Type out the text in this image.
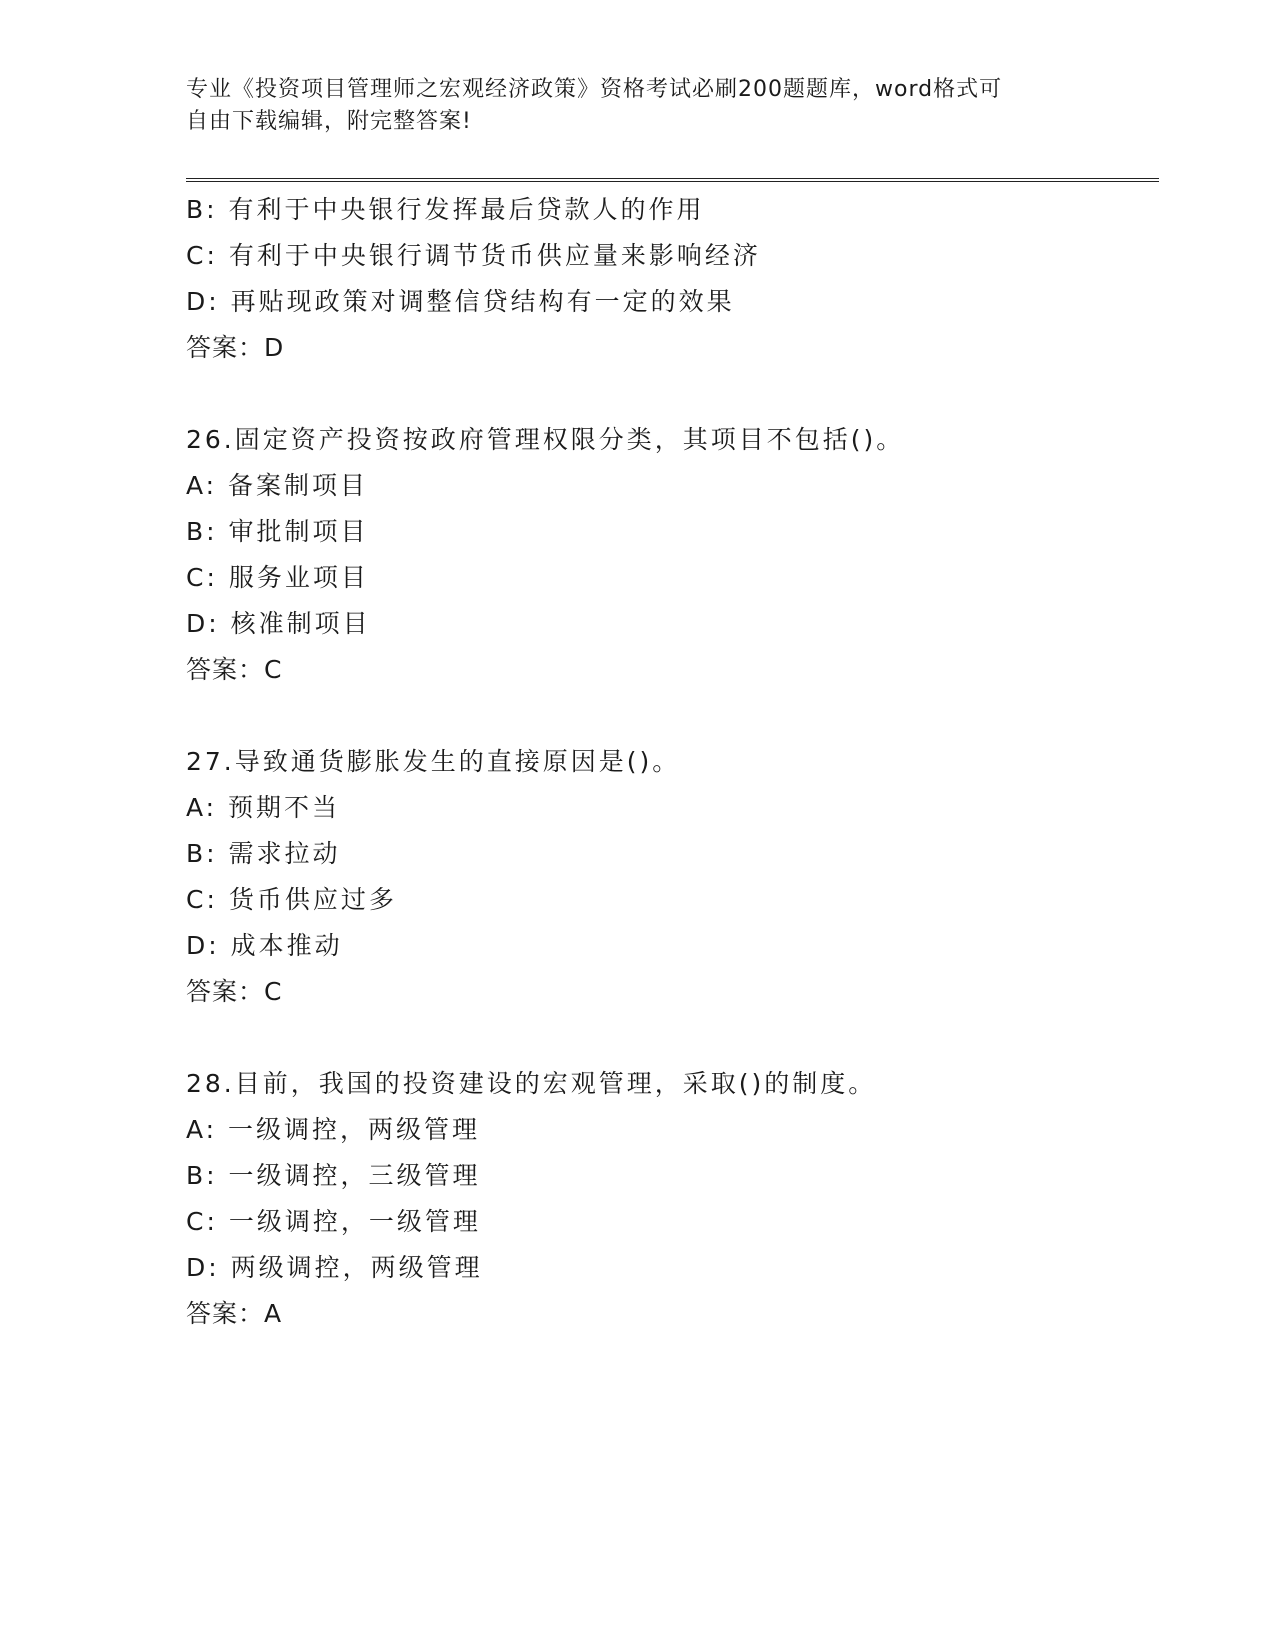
专业《投资项目管理师之宏观经济政策》资格考试必刷200题题库，word格式可
自由下载编辑，附完整答案!
B: 有利于中央银行发挥最后贷款人的作用
C: 有利于中央银行调节货币供应量来影响经济
D: 再贴现政策对调整信贷结构有一定的效果
答案：D
26.固定资产投资按政府管理权限分类，其项目不包括()。
A: 备案制项目
B: 审批制项目
C: 服务业项目
D: 核准制项目
答案：C
27.导致通货膨胀发生的直接原因是()。
A: 预期不当
B: 需求拉动
C: 货币供应过多
D: 成本推动
答案：C
28.目前，我国的投资建设的宏观管理，采取()的制度。
A: 一级调控，两级管理
B: 一级调控，三级管理
C: 一级调控，一级管理
D: 两级调控，两级管理
答案：A
